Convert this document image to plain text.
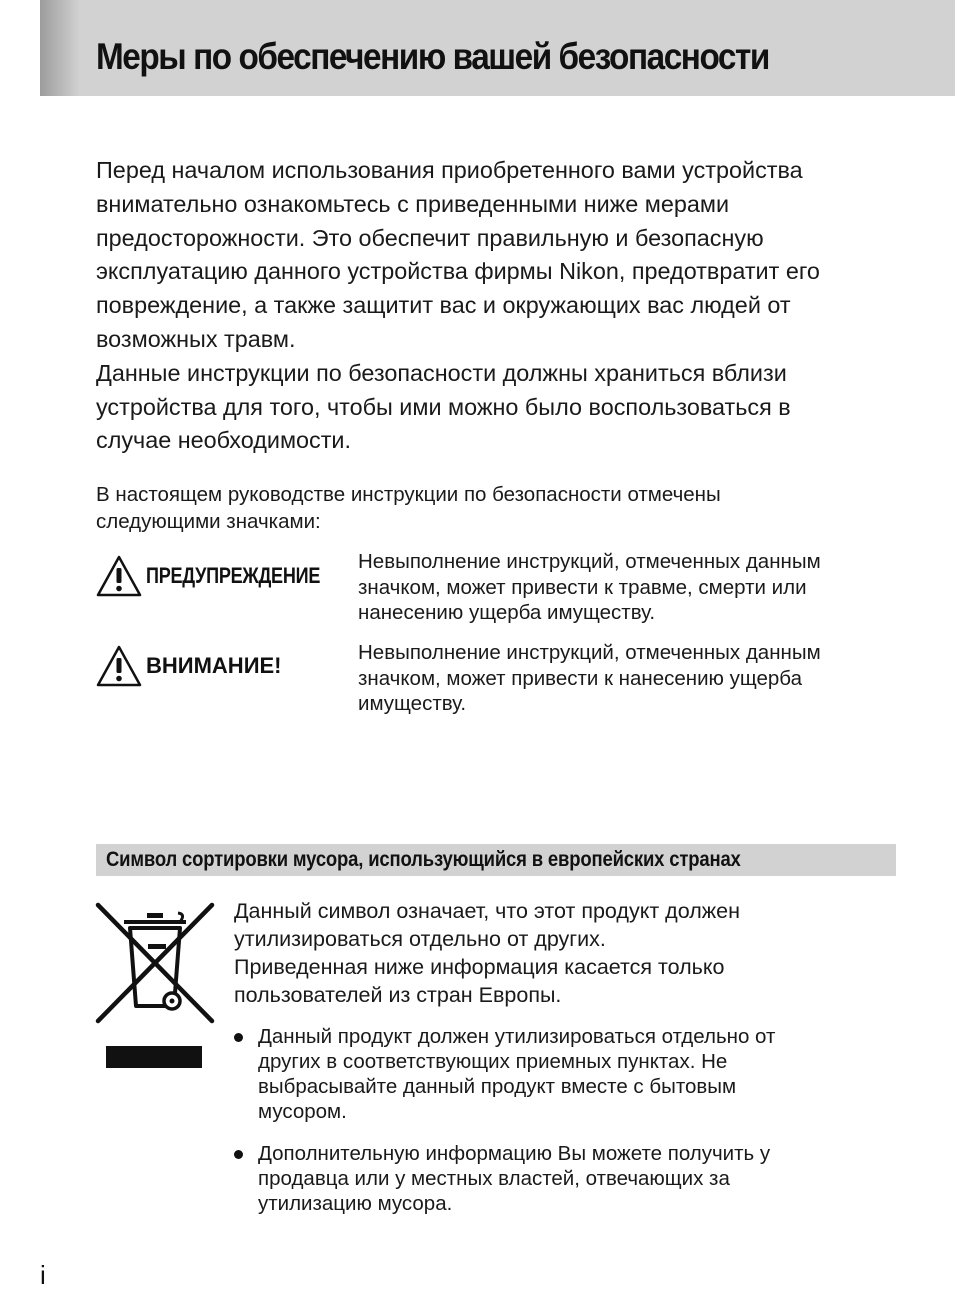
Меры по обеспечению вашей безопасности

Перед началом использования приобретенного вами устройства

внимательно ознакомьтесь с приведенными ниже мерами

предосторожности. Это обеспечит правильную и безопасную

эксплуатацию данного устройства фирмы Nikon, предотвратит его

повреждение, а также защитит вас и окружающих вас людей от

возможных травм.

Данные инструкции по безопасности должны храниться вблизи

устройства для того, чтобы ими можно было воспользоваться в

случае необходимости.

В настоящем руководстве инструкции по безопасности отмечены

следующими значками:

ПРЕДУПРЕЖДЕНИЕ

Невыполнение инструкций, отмеченных данным

значком, может привести к травме, смерти или

нанесению ущерба имуществу.

ВНИМАНИЕ!

Невыполнение инструкций, отмеченных данным

значком, может привести к нанесению ущерба

имуществу.

Символ сортировки мусора, использующийся в европейских странах

Данный символ означает, что этот продукт должен

утилизироваться отдельно от других.

Приведенная ниже информация касается только

пользователей из стран Европы.

Данный продукт должен утилизироваться отдельно от

других в соответствующих приемных пунктах. Не

выбрасывайте данный продукт вместе с бытовым

мусором.

Дополнительную информацию Вы можете получить у

продавца или у местных властей, отвечающих за

утилизацию мусора.

i
